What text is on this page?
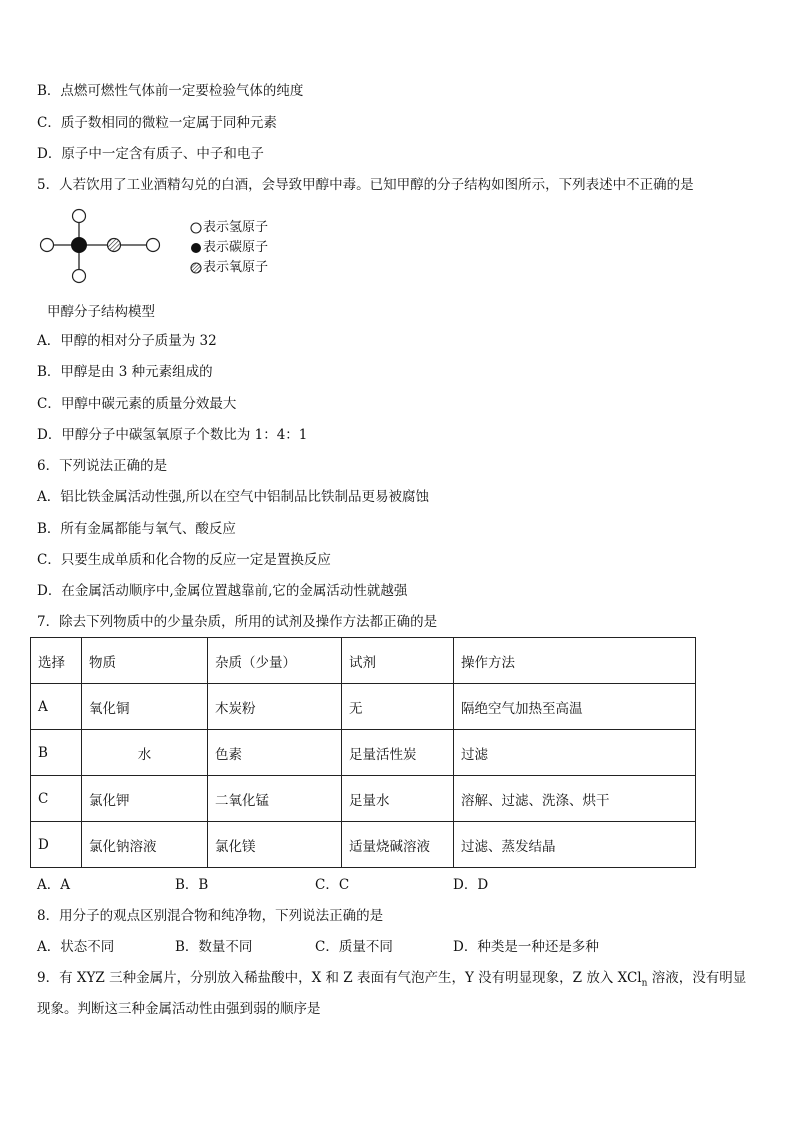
B．点燃可燃性气体前一定要检验气体的纯度
C．质子数相同的微粒一定属于同种元素
D．原子中一定含有质子、中子和电子
5．人若饮用了工业酒精勾兑的白酒，会导致甲醇中毒。已知甲醇的分子结构如图所示，下列表述中不正确的是
表示氢原子
表示碳原子
表示氧原子
甲醇分子结构模型
A．甲醇的相对分子质量为 32
B．甲醇是由 3 种元素组成的
C．甲醇中碳元素的质量分效最大
D．甲醇分子中碳氢氧原子个数比为 1：4：1
6．下列说法正确的是
A．铝比铁金属活动性强,所以在空气中铝制品比铁制品更易被腐蚀
B．所有金属都能与氧气、酸反应
C．只要生成单质和化合物的反应一定是置换反应
D．在金属活动顺序中,金属位置越靠前,它的金属活动性就越强
7．除去下列物质中的少量杂质，所用的试剂及操作方法都正确的是
选择	物质	杂质（少量）	试剂	操作方法
A	氧化铜	木炭粉	无	隔绝空气加热至高温
B	水	色素	足量活性炭	过滤
C	氯化钾	二氧化锰	足量水	溶解、过滤、洗涤、烘干
D	氯化钠溶液	氯化镁	适量烧碱溶液	过滤、蒸发结晶
A．A	B．B	C．C	D．D
8．用分子的观点区别混合物和纯净物，下列说法正确的是
A．状态不同	B．数量不同	C．质量不同	D．种类是一种还是多种
9．有 XYZ 三种金属片，分别放入稀盐酸中，X 和 Z 表面有气泡产生，Y 没有明显现象，Z 放入 XCl$_n$ 溶液，没有明显
现象。判断这三种金属活动性由强到弱的顺序是
